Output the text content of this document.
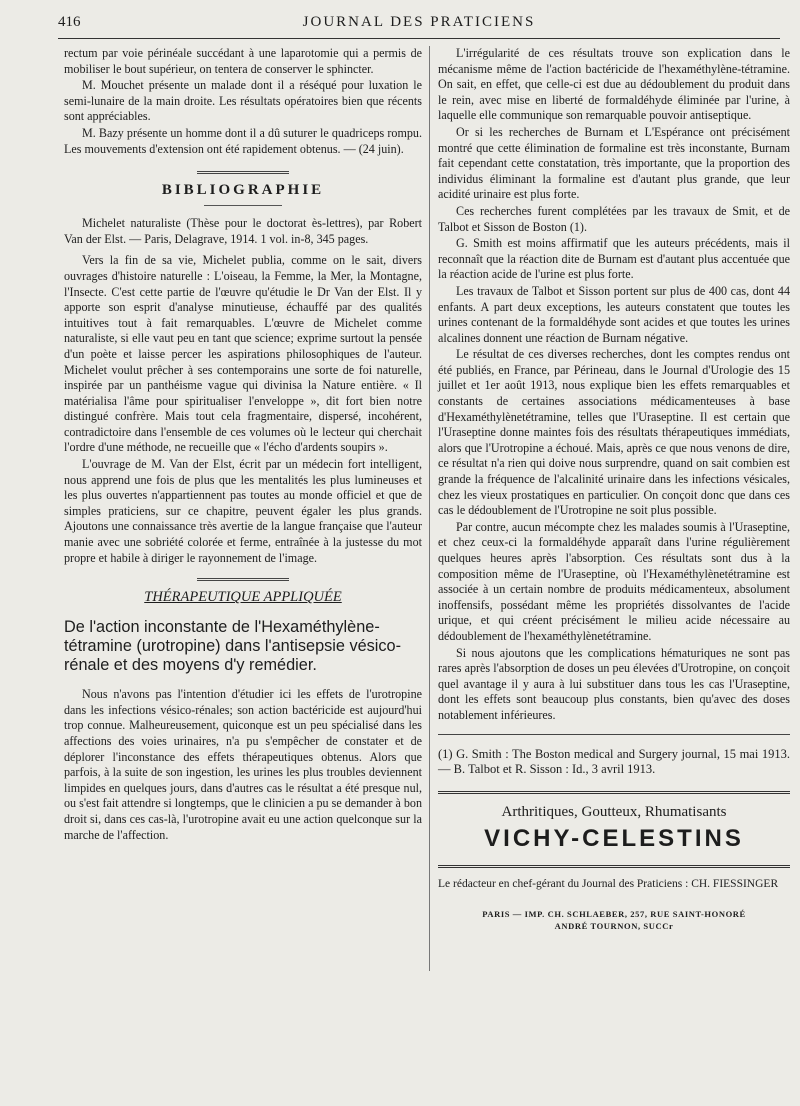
416	JOURNAL DES PRATICIENS

rectum par voie périnéale succédant à une laparotomie qui a permis de mobiliser le bout supérieur, on tentera de conserver le sphincter.

M. Mouchet présente un malade dont il a réséqué pour luxation le semi-lunaire de la main droite. Les résultats opératoires bien que récents sont appréciables.

M. Bazy présente un homme dont il a dû suturer le quadriceps rompu. Les mouvements d'extension ont été rapidement obtenus. — (24 juin).

BIBLIOGRAPHIE

Michelet naturaliste (Thèse pour le doctorat ès-lettres), par Robert Van der Elst. — Paris, Delagrave, 1914. 1 vol. in-8, 345 pages.

Vers la fin de sa vie, Michelet publia, comme on le sait, divers ouvrages d'histoire naturelle : L'oiseau, la Femme, la Mer, la Montagne, l'Insecte. C'est cette partie de l'œuvre qu'étudie le Dr Van der Elst. Il y apporte son esprit d'analyse minutieuse, échauffé par des qualités intuitives tout à fait remarquables. L'œuvre de Michelet comme naturaliste, si elle vaut peu en tant que science; exprime surtout la pensée d'un poète et laisse percer les aspirations philosophiques de l'auteur. Michelet voulut prêcher à ses contemporains une sorte de foi naturelle, inspirée par un panthéisme vague qui divinisa la Nature entière. « Il matérialisa l'âme pour spiritualiser l'enveloppe », dit fort bien notre distingué confrère. Mais tout cela fragmentaire, dispersé, incohérent, contradictoire dans l'ensemble de ces volumes où le lecteur qui cherchait l'ordre d'une méthode, ne recueille que « l'écho d'ardents soupirs ».

L'ouvrage de M. Van der Elst, écrit par un médecin fort intelligent, nous apprend une fois de plus que les mentalités les plus lumineuses et les plus ouvertes n'appartiennent pas toutes au monde officiel et que de simples praticiens, sur ce chapitre, peuvent égaler les plus grands. Ajoutons une connaissance très avertie de la langue française que l'auteur manie avec une sobriété colorée et ferme, entraînée à la justesse du mot propre et habile à diriger le rayonnement de l'image.

THÉRAPEUTIQUE APPLIQUÉE
De l'action inconstante de l'Hexaméthylène-tétramine (urotropine) dans l'antisepsie vésico-rénale et des moyens d'y remédier.

Nous n'avons pas l'intention d'étudier ici les effets de l'urotropine dans les infections vésico-rénales; son action bactéricide est aujourd'hui trop connue. Malheureusement, quiconque est un peu spécialisé dans les affections des voies urinaires, n'a pu s'empêcher de constater et de déplorer l'inconstance des effets thérapeutiques obtenus. Alors que parfois, à la suite de son ingestion, les urines les plus troubles deviennent limpides en quelques jours, dans d'autres cas le résultat a été presque nul, ou s'est fait attendre si longtemps, que le clinicien a pu se demander à bon droit si, dans ces cas-là, l'urotropine avait eu une action quelconque sur la marche de l'affection.

L'irrégularité de ces résultats trouve son explication dans le mécanisme même de l'action bactéricide de l'hexaméthylène-tétramine. On sait, en effet, que celle-ci est due au dédoublement du produit dans le rein, avec mise en liberté de formaldéhyde éliminée par l'urine, à laquelle elle communique son remarquable pouvoir antiseptique.

Or si les recherches de Burnam et L'Espérance ont précisément montré que cette élimination de formaline est très inconstante, Burnam fait cependant cette constatation, très importante, que la proportion des individus éliminant la formaline est d'autant plus grande, que leur acidité urinaire est plus forte.

Ces recherches furent complétées par les travaux de Smit, et de Talbot et Sisson de Boston (1).

G. Smith est moins affirmatif que les auteurs précédents, mais il reconnaît que la réaction dite de Burnam est d'autant plus accentuée que la réaction acide de l'urine est plus forte.

Les travaux de Talbot et Sisson portent sur plus de 400 cas, dont 44 enfants. A part deux exceptions, les auteurs constatent que toutes les urines contenant de la formaldéhyde sont acides et que toutes les urines alcalines donnent une réaction de Burnam négative.

Le résultat de ces diverses recherches, dont les comptes rendus ont été publiés, en France, par Périneau, dans le Journal d'Urologie des 15 juillet et 1er août 1913, nous explique bien les effets remarquables et constants de certaines associations médicamenteuses à base d'Hexaméthylènetétramine, telles que l'Uraseptine. Il est certain que l'Uraseptine donne maintes fois des résultats thérapeutiques immédiats, alors que l'Urotropine a échoué. Mais, après ce que nous venons de dire, ce résultat n'a rien qui doive nous surprendre, quand on sait combien est grande la fréquence de l'alcalinité urinaire dans les infections vésicales, chez les vieux prostatiques en particulier. On conçoit donc que dans ces cas le dédoublement de l'Urotropine ne soit plus possible.

Par contre, aucun mécompte chez les malades soumis à l'Uraseptine, et chez ceux-ci la formaldéhyde apparaît dans l'urine régulièrement quelques heures après l'absorption. Ces résultats sont dus à la composition même de l'Uraseptine, où l'Hexaméthylènetétramine est associée à un certain nombre de produits médicamenteux, absolument inoffensifs, possédant même les propriétés dissolvantes de l'acide urique, et qui créent précisément le milieu acide nécessaire au dédoublement de l'hexaméthylènetétramine.

Si nous ajoutons que les complications hématuriques ne sont pas rares après l'absorption de doses un peu élevées d'Urotropine, on conçoit quel avantage il y aura à lui substituer dans tous les cas l'Uraseptine, dont les effets sont beaucoup plus constants, bien qu'avec des doses notablement inférieures.

(1) G. Smith : The Boston medical and Surgery journal, 15 mai 1913. — B. Talbot et R. Sisson : Id., 3 avril 1913.
Arthritiques, Goutteux, Rhumatisants
VICHY-CELESTINS
Le rédacteur en chef-gérant du Journal des Praticiens : CH. FIESSINGER
PARIS — IMP. CH. SCHLAEBER, 257, RUE SAINT-HONORÉ
ANDRÉ TOURNON, SUCCr
